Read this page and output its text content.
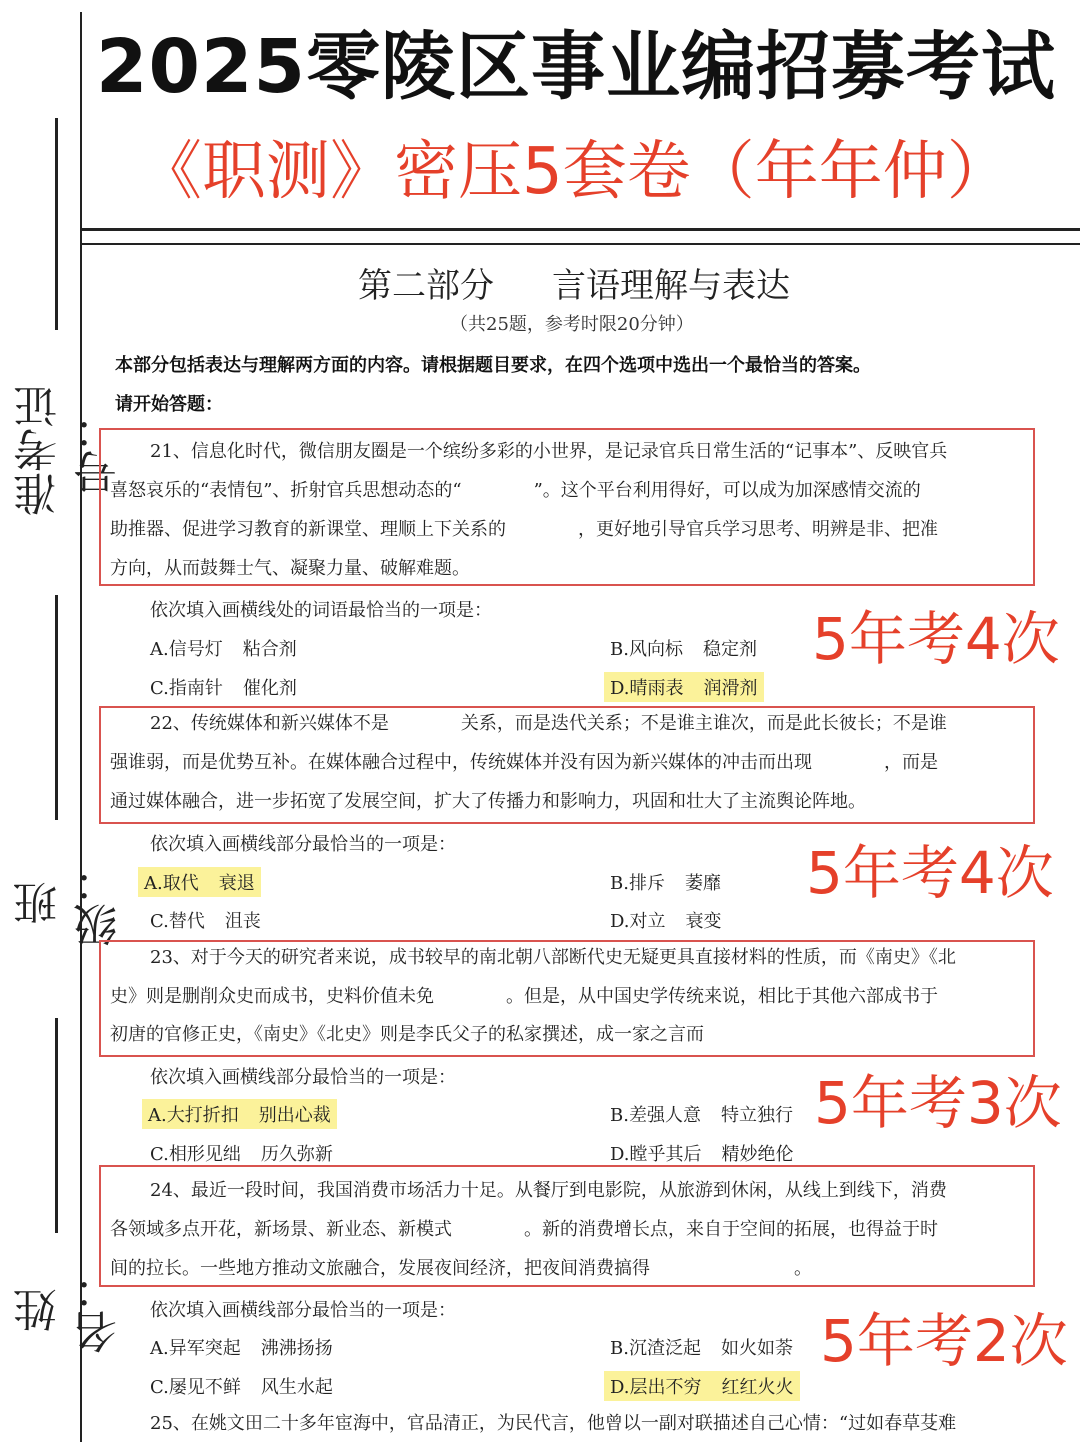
2025零陵区事业编招募考试
《职测》密压5套卷（年年仲）
准考证号：
班级：
姓名：
第二部分 言语理解与表达
（共25题，参考时限20分钟）
本部分包括表达与理解两方面的内容。请根据题目要求，在四个选项中选出一个最恰当的答案。
请开始答题：
21、信息化时代，微信朋友圈是一个缤纷多彩的小世界，是记录官兵日常生活的“记事本”、反映官兵
喜怒哀乐的“表情包”、折射官兵思想动态的“　　　　”。这个平台利用得好，可以成为加深感情交流的
助推器、促进学习教育的新课堂、理顺上下关系的　　　　，更好地引导官兵学习思考、明辨是非、把准
方向，从而鼓舞士气、凝聚力量、破解难题。
依次填入画横线处的词语最恰当的一项是：
A.信号灯 粘合剂	B.风向标 稳定剂
C.指南针 催化剂	D.晴雨表 润滑剂
5年考4次
22、传统媒体和新兴媒体不是　　　　关系，而是迭代关系；不是谁主谁次，而是此长彼长；不是谁
强谁弱，而是优势互补。在媒体融合过程中，传统媒体并没有因为新兴媒体的冲击而出现　　　　，而是
通过媒体融合，进一步拓宽了发展空间，扩大了传播力和影响力，巩固和壮大了主流舆论阵地。
依次填入画横线部分最恰当的一项是：
A.取代 衰退	B.排斥 萎靡
C.替代 沮丧	D.对立 衰变
5年考4次
23、对于今天的研究者来说，成书较早的南北朝八部断代史无疑更具直接材料的性质，而《南史》《北
史》则是删削众史而成书，史料价值未免　　　　。但是，从中国史学传统来说，相比于其他六部成书于
初唐的官修正史，《南史》《北史》则是李氏父子的私家撰述，成一家之言而　　　　
依次填入画横线部分最恰当的一项是：
A.大打折扣 别出心裁	B.差强人意 特立独行
C.相形见绌 历久弥新	D.瞠乎其后 精妙绝伦
5年考3次
24、最近一段时间，我国消费市场活力十足。从餐厅到电影院，从旅游到休闲，从线上到线下，消费
各领域多点开花，新场景、新业态、新模式　　　　。新的消费增长点，来自于空间的拓展，也得益于时
间的拉长。一些地方推动文旅融合，发展夜间经济，把夜间消费搞得　　　　　　　　。
依次填入画横线部分最恰当的一项是：
A.异军突起 沸沸扬扬	B.沉渣泛起 如火如荼
C.屡见不鲜 风生水起	D.层出不穷 红红火火
5年考2次
25、在姚文田二十多年宦海中，官品清正，为民代言，他曾以一副对联描述自己心情：“过如春草芟难
